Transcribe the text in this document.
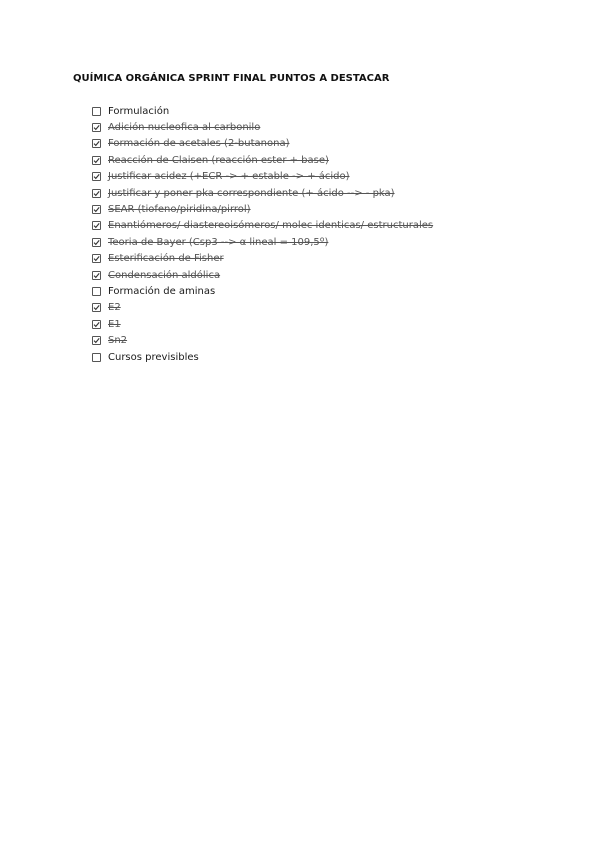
QUÍMICA ORGÁNICA SPRINT FINAL PUNTOS A DESTACAR
Formulación
Adición nucleofica al carbonilo
Formación de acetales (2-butanona)
Reacción de Claisen (reacción ester + base)
Justificar acidez (+ECR -> + estable -> + ácido)
Justificar y poner pka correspondiente (+ ácido --> - pka)
SEAR (tiofeno/piridina/pirrol)
Enantiómeros/ diastereoisómeros/ molec identicas/ estructurales
Teoria de Bayer (Csp3 --> α lineal = 109,5º)
Esterificación de Fisher
Condensación aldólica
Formación de aminas
E2
E1
Sn2
Cursos previsibles
